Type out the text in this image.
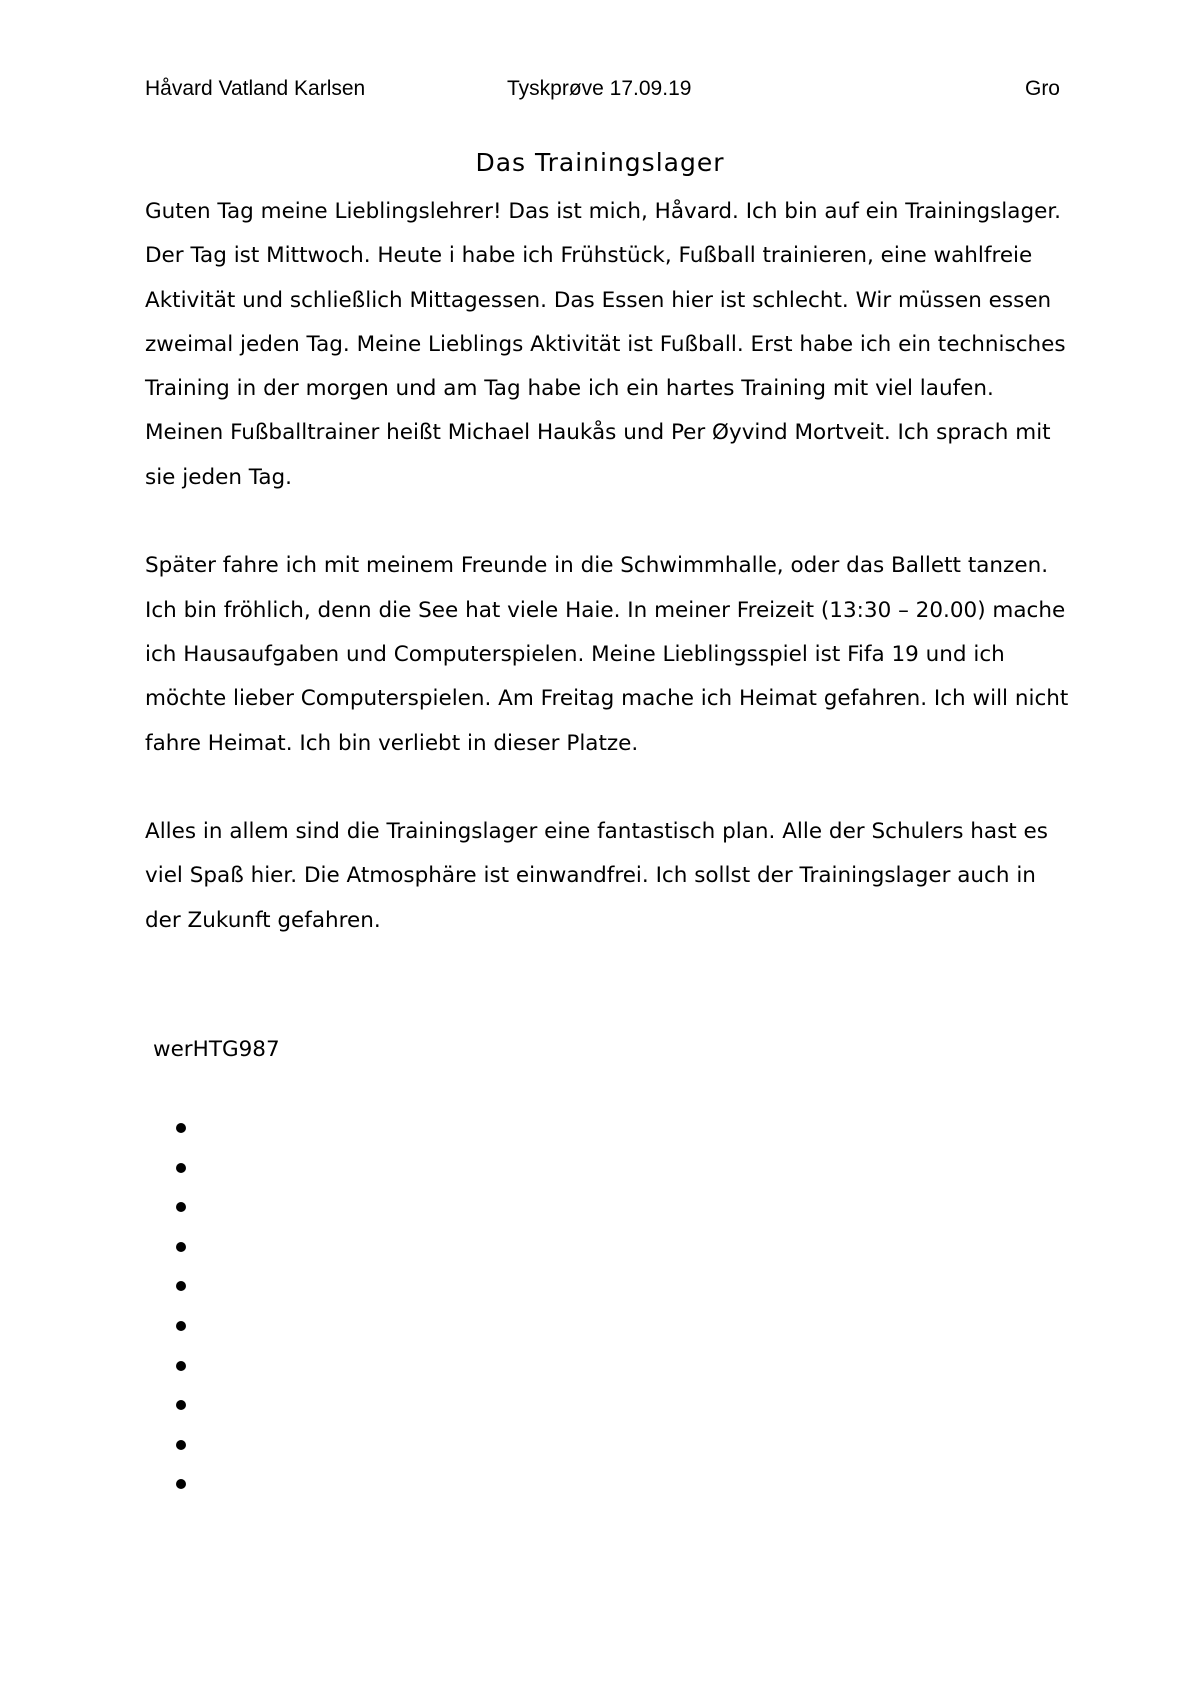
Håvard Vatland Karlsen	Tyskprøve 17.09.19	Gro
Das Trainingslager

Guten Tag meine Lieblingslehrer! Das ist mich, Håvard. Ich bin auf ein Trainingslager. Der Tag ist Mittwoch. Heute i habe ich Frühstück, Fußball trainieren, eine wahlfreie Aktivität und schließlich Mittagessen. Das Essen hier ist schlecht. Wir müssen essen zweimal jeden Tag. Meine Lieblings Aktivität ist Fußball. Erst habe ich ein technisches Training in der morgen und am Tag habe ich ein hartes Training mit viel laufen. Meinen Fußballtrainer heißt Michael Haukås und Per Øyvind Mortveit. Ich sprach mit sie jeden Tag.

Später fahre ich mit meinem Freunde in die Schwimmhalle, oder das Ballett tanzen. Ich bin fröhlich, denn die See hat viele Haie. In meiner Freizeit (13:30 – 20.00) mache ich Hausaufgaben und Computerspielen. Meine Lieblingsspiel ist Fifa 19 und ich möchte lieber Computerspielen. Am Freitag mache ich Heimat gefahren. Ich will nicht fahre Heimat. Ich bin verliebt in dieser Platze.

Alles in allem sind die Trainingslager eine fantastisch plan. Alle der Schulers hast es viel Spaß hier. Die Atmosphäre ist einwandfrei. Ich sollst der Trainingslager auch in der Zukunft gefahren.

werHTG987
